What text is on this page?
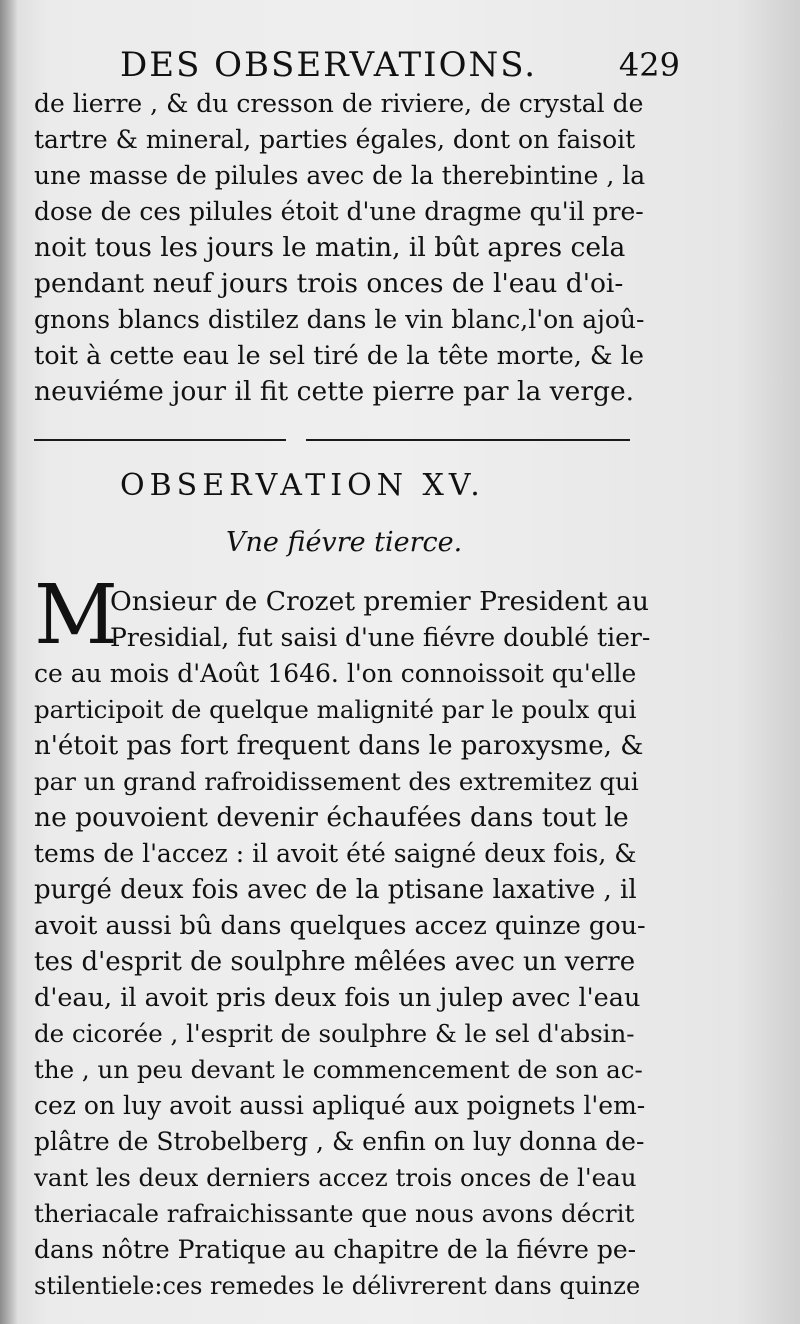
DES OBSERVATIONS.	429
de lierre , & du cresson de riviere, de crystal de
tartre & mineral, parties égales, dont on faisoit
une masse de pilules avec de la therebintine , la
dose de ces pilules étoit d'une dragme qu'il pre-
noit tous les jours le matin, il bût apres cela
pendant neuf jours trois onces de l'eau d'oi-
gnons blancs distilez dans le vin blanc,l'on ajoû-
toit à cette eau le sel tiré de la tête morte, & le
neuviéme jour il fit cette pierre par la verge.
OBSERVATION XV.
Vne fiévre tierce.
M
Onsieur de Crozet premier President au
Presidial, fut saisi d'une fiévre doublé tier-
ce au mois d'Août 1646. l'on connoissoit qu'elle
participoit de quelque malignité par le poulx qui
n'étoit pas fort frequent dans le paroxysme, &
par un grand rafroidissement des extremitez qui
ne pouvoient devenir échaufées dans tout le
tems de l'accez : il avoit été saigné deux fois, &
purgé deux fois avec de la ptisane laxative , il
avoit aussi bû dans quelques accez quinze gou-
tes d'esprit de soulphre mêlées avec un verre
d'eau, il avoit pris deux fois un julep avec l'eau
de cicorée , l'esprit de soulphre & le sel d'absin-
the , un peu devant le commencement de son ac-
cez on luy avoit aussi apliqué aux poignets l'em-
plâtre de Strobelberg , & enfin on luy donna de-
vant les deux derniers accez trois onces de l'eau
theriacale rafraichissante que nous avons décrit
dans nôtre Pratique au chapitre de la fiévre pe-
stilentiele:ces remedes le délivrerent dans quinze
